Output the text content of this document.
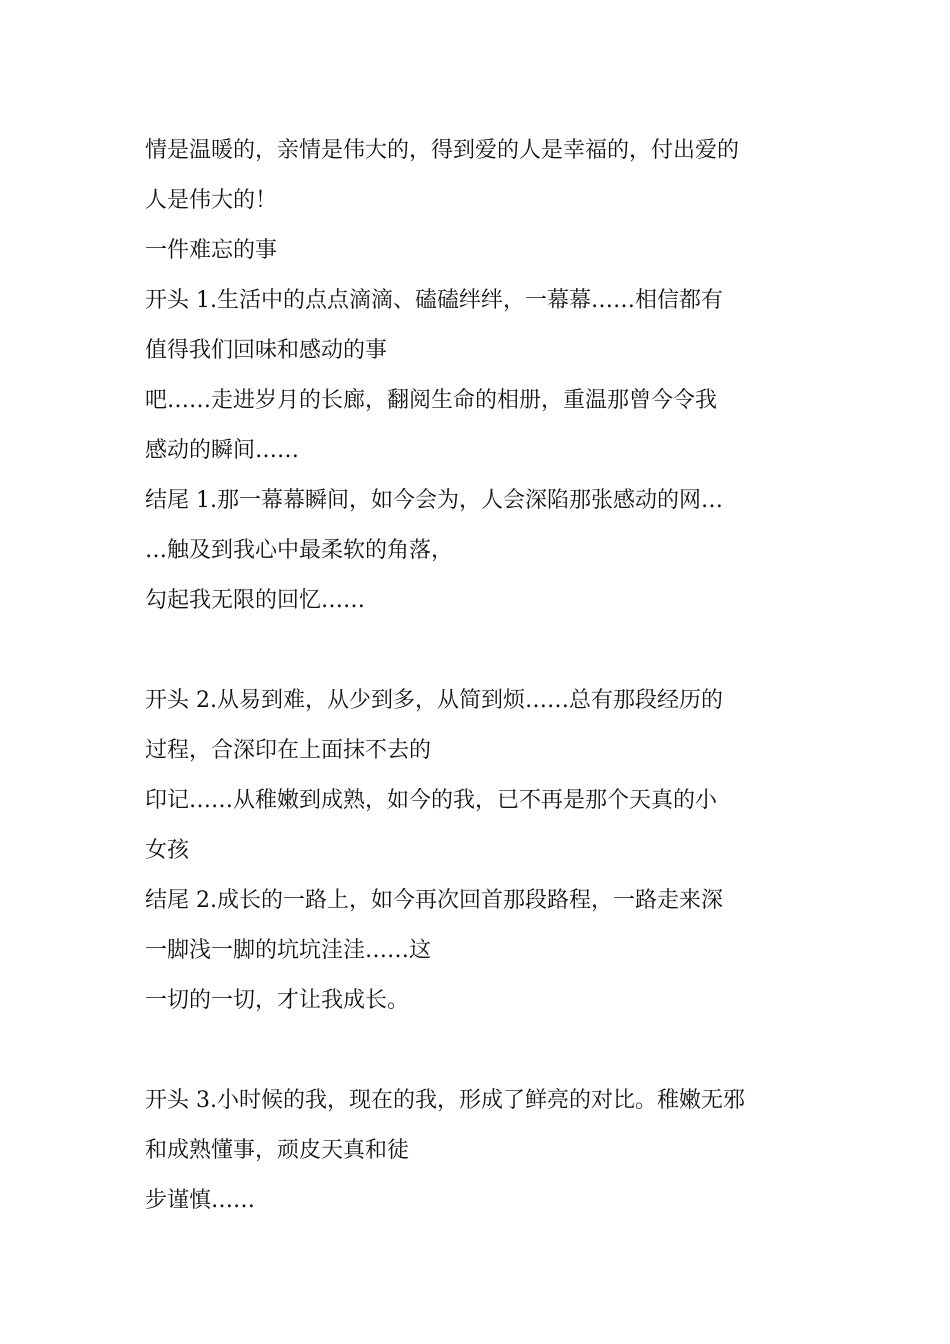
情是温暖的，亲情是伟大的，得到爱的人是幸福的，付出爱的
人是伟大的！
一件难忘的事
开头 1.生活中的点点滴滴、磕磕绊绊，一幕幕……相信都有
值得我们回味和感动的事
吧……走进岁月的长廊，翻阅生命的相册，重温那曾今令我
感动的瞬间……
结尾 1.那一幕幕瞬间，如今会为，人会深陷那张感动的网…
…触及到我心中最柔软的角落，
勾起我无限的回忆……
开头 2.从易到难，从少到多，从简到烦……总有那段经历的
过程，合深印在上面抹不去的
印记……从稚嫩到成熟，如今的我，已不再是那个天真的小
女孩
结尾 2.成长的一路上，如今再次回首那段路程，一路走来深
一脚浅一脚的坑坑洼洼……这
一切的一切，才让我成长。
开头 3.小时候的我，现在的我，形成了鲜亮的对比。稚嫩无邪
和成熟懂事，顽皮天真和徒
步谨慎……
